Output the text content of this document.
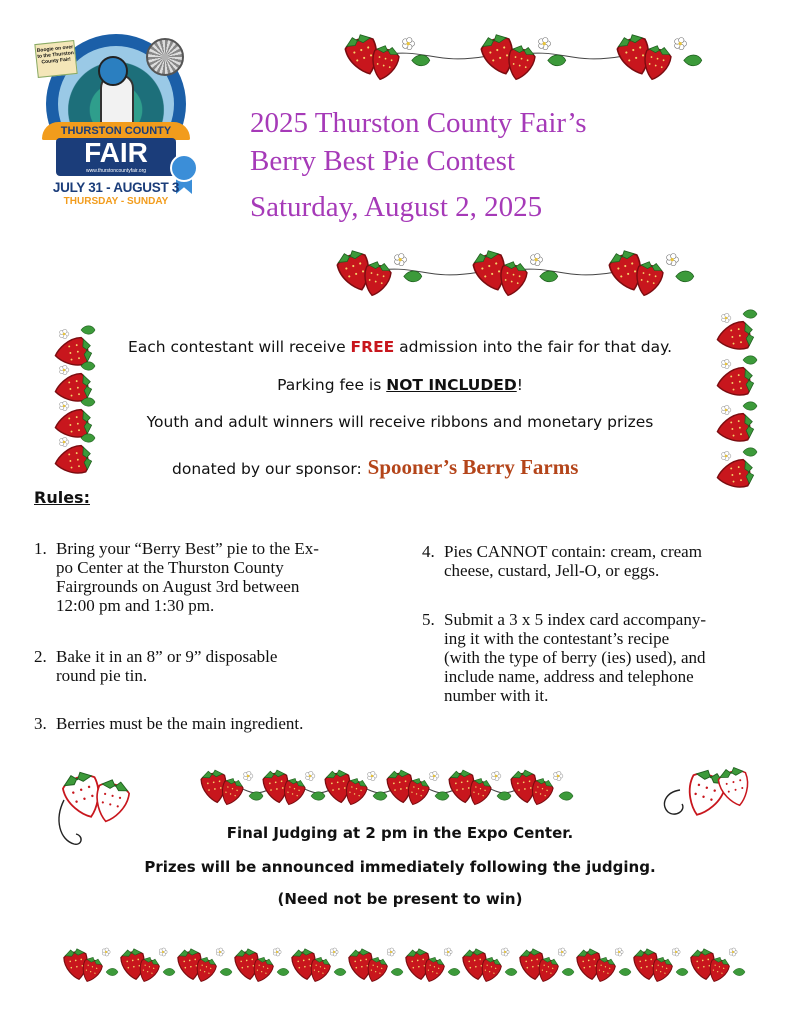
Boogie on over to the Thurston County Fair!
THURSTON COUNTY
FAIR
www.thurstoncountyfair.org
JULY 31 - AUGUST 3
THURSDAY - SUNDAY
2025 Thurston County Fair’s
Berry Best Pie Contest
Saturday, August 2, 2025
Each contestant will receive FREE admission into the fair for that day.
Parking fee is NOT INCLUDED!
Youth and adult winners will receive ribbons and monetary prizes
donated by our sponsor: Spooner’s Berry Farms
Rules:
1. Bring your “Berry Best” pie to the Ex-
po Center at the Thurston County
Fairgrounds on August 3rd between
12:00 pm and 1:30 pm.
2. Bake it in an 8” or 9” disposable
round pie tin.
3. Berries must be the main ingredient.
4. Pies CANNOT contain: cream, cream
cheese, custard, Jell-O, or eggs.
5. Submit a 3 x 5 index card accompany-
ing it with the contestant’s recipe
(with the type of berry (ies) used), and
include name, address and telephone
number with it.
Final Judging at 2 pm in the Expo Center.
Prizes will be announced immediately following the judging.
(Need not be present to win)
